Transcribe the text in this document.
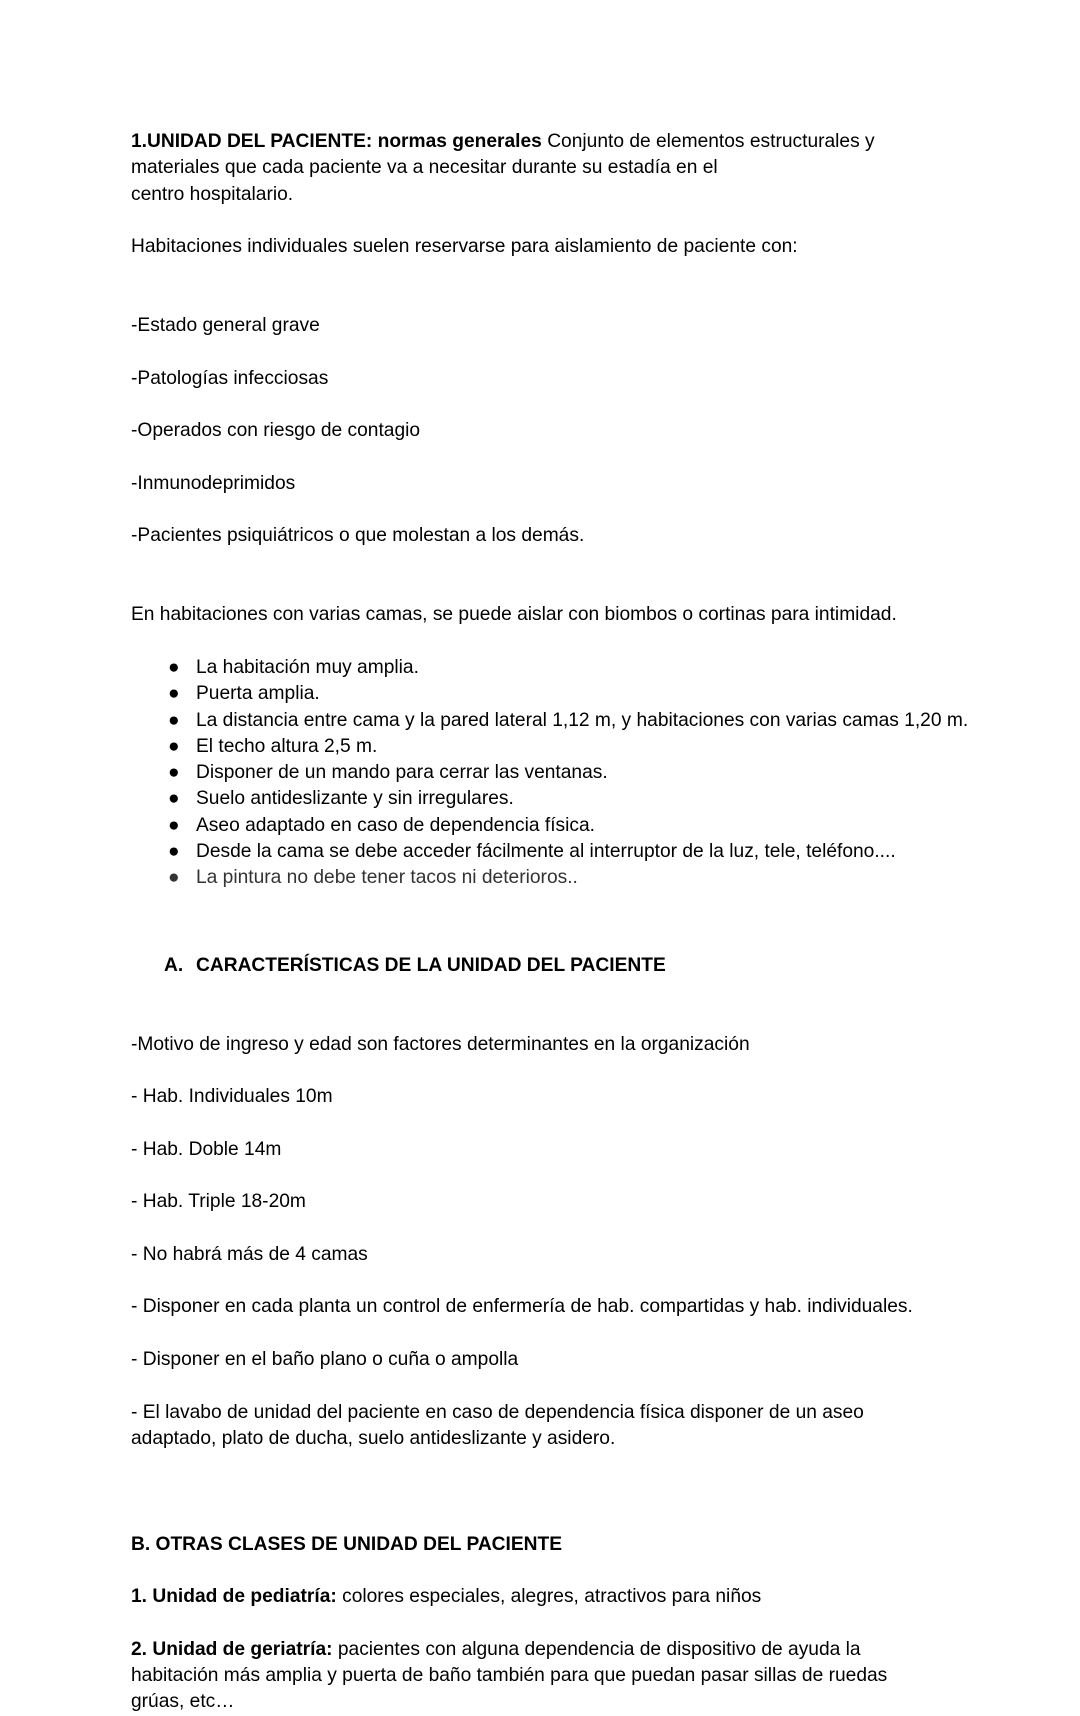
1.UNIDAD DEL PACIENTE: normas generales Conjunto de elementos estructurales y
materiales que cada paciente va a necesitar durante su estadía en el
centro hospitalario.

Habitaciones individuales suelen reservarse para aislamiento de paciente con:

-Estado general grave

-Patologías infecciosas

-Operados con riesgo de contagio

-Inmunodeprimidos

-Pacientes psiquiátricos o que molestan a los demás.

En habitaciones con varias camas, se puede aislar con biombos o cortinas para intimidad.

● La habitación muy amplia.
● Puerta amplia.
● La distancia entre cama y la pared lateral 1,12 m, y habitaciones con varias camas 1,20 m.
● El techo altura 2,5 m.
● Disponer de un mando para cerrar las ventanas.
● Suelo antideslizante y sin irregulares.
● Aseo adaptado en caso de dependencia física.
● Desde la cama se debe acceder fácilmente al interruptor de la luz, tele, teléfono....
● La pintura no debe tener tacos ni deterioros..
A. CARACTERÍSTICAS DE LA UNIDAD DEL PACIENTE

-Motivo de ingreso y edad son factores determinantes en la organización

- Hab. Individuales 10m

- Hab. Doble 14m

- Hab. Triple 18-20m

- No habrá más de 4 camas

- Disponer en cada planta un control de enfermería de hab. compartidas y hab. individuales.

- Disponer en el baño plano o cuña o ampolla

- El lavabo de unidad del paciente en caso de dependencia física disponer de un aseo
adaptado, plato de ducha, suelo antideslizante y asidero.

B. OTRAS CLASES DE UNIDAD DEL PACIENTE

1. Unidad de pediatría: colores especiales, alegres, atractivos para niños

2. Unidad de geriatría: pacientes con alguna dependencia de dispositivo de ayuda la
habitación más amplia y puerta de baño también para que puedan pasar sillas de ruedas
grúas, etc…
